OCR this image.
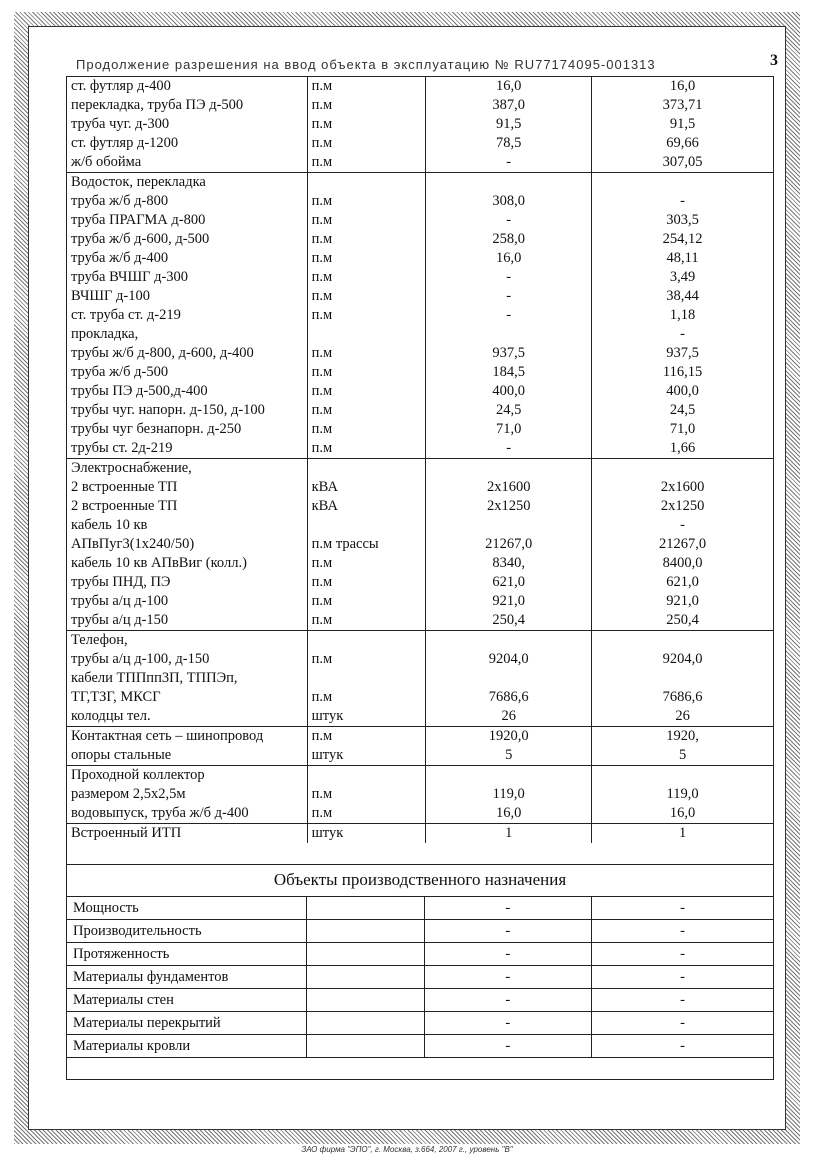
Продолжение разрешения на ввод объекта в эксплуатацию № RU77174095-001313	3
ст. футляр д-400	п.м	16,0	16,0
перекладка, труба ПЭ д-500	п.м	387,0	373,71
труба чуг. д-300	п.м	91,5	91,5
ст. футляр д-1200	п.м	78,5	69,66
ж/б обойма	п.м	-	307,05
Водосток, перекладка			
труба ж/б д-800	п.м	308,0	-
труба ПРАГМА д-800	п.м	-	303,5
труба ж/б д-600, д-500	п.м	258,0	254,12
труба ж/б д-400	п.м	16,0	48,11
труба ВЧШГ д-300	п.м	-	3,49
ВЧШГ д-100	п.м	-	38,44
ст. труба ст. д-219	п.м	-	1,18
прокладка,			-
трубы ж/б д-800, д-600, д-400	п.м	937,5	937,5
труба ж/б д-500	п.м	184,5	116,15
трубы ПЭ д-500,д-400	п.м	400,0	400,0
трубы чуг. напорн. д-150, д-100	п.м	24,5	24,5
трубы чуг безнапорн. д-250	п.м	71,0	71,0
трубы ст. 2д-219	п.м	-	1,66
Электроснабжение,			
2 встроенные ТП	кВА	2х1600	2х1600
2 встроенные ТП	кВА	2х1250	2х1250
кабель 10 кв			-
АПвПуг3(1х240/50)	п.м трассы	21267,0	21267,0
кабель 10 кв АПвВиг (колл.)	п.м	8340,	8400,0
трубы ПНД, ПЭ	п.м	621,0	621,0
трубы а/ц д-100	п.м	921,0	921,0
трубы а/ц д-150	п.м	250,4	250,4
Телефон,			
трубы а/ц д-100, д-150	п.м	9204,0	9204,0
кабели ТППпп3П, ТППЭп,			
ТГ,ТЗГ, МКСГ	п.м	7686,6	7686,6
колодцы тел.	штук	26	26
Контактная сеть – шинопровод	п.м	1920,0	1920,
опоры стальные	штук	5	5
Проходной коллектор			
размером 2,5х2,5м	п.м	119,0	119,0
водовыпуск, труба ж/б д-400	п.м	16,0	16,0
Встроенный ИТП	штук	1	1
Объекты производственного назначения
Мощность		-	-
Производительность		-	-
Протяженность		-	-
Материалы фундаментов		-	-
Материалы стен		-	-
Материалы перекрытий		-	-
Материалы кровли		-	-
ЗАО фирма "ЭПО", г. Москва, з.664, 2007 г., уровень "В"
